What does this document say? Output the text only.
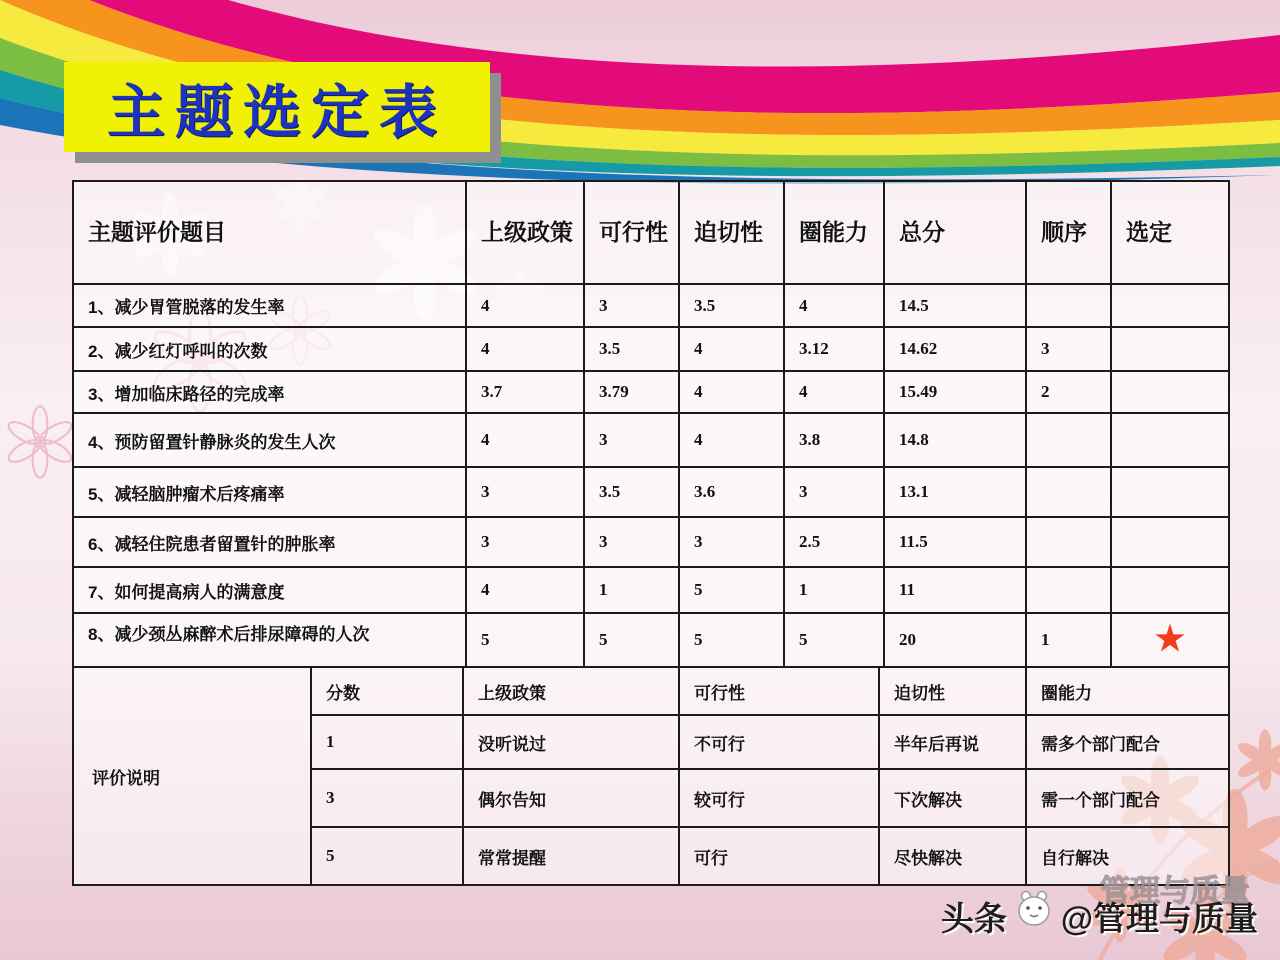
主题选定表
主题评价题目	上级政策	可行性	迫切性	圈能力	总分	顺序	选定
1、减少胃管脱落的发生率	4	3	3.5	4	14.5		
2、减少红灯呼叫的次数	4	3.5	4	3.12	14.62	3	
3、增加临床路径的完成率	3.7	3.79	4	4	15.49	2	
4、预防留置针静脉炎的发生人次	4	3	4	3.8	14.8		
5、减轻脑肿瘤术后疼痛率	3	3.5	3.6	3	13.1		
6、减轻住院患者留置针的肿胀率	3	3	3	2.5	11.5		
7、如何提高病人的满意度	4	1	5	1	11		
8、减少颈丛麻醉术后排尿障碍的人次	5	5	5	5	20	1	★
评价说明	分数	上级政策	可行性	迫切性	圈能力
	1	没听说过	不可行	半年后再说	需多个部门配合
	3	偶尔告知	较可行	下次解决	需一个部门配合
	5	常常提醒	可行	尽快解决	自行解决
管理与质量
头条 @管理与质量
